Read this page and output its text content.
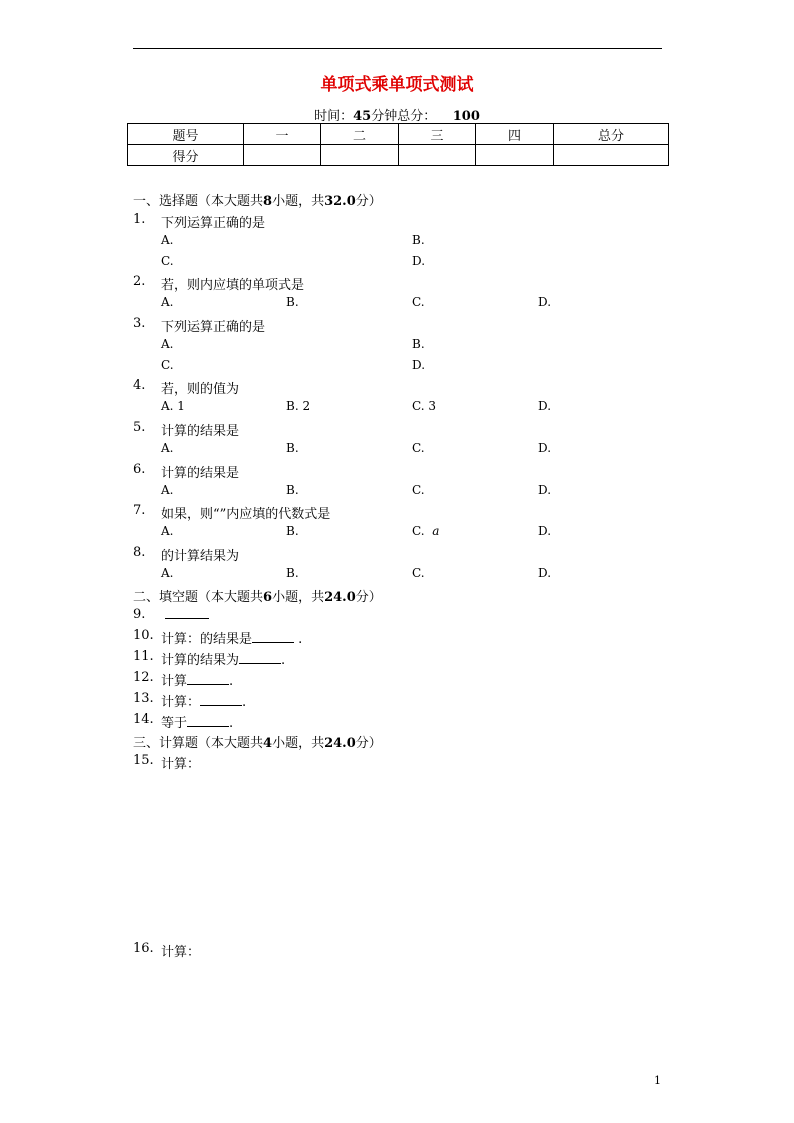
单项式乘单项式测试
时间：45分钟总分： 100
题号	一	二	三	四	总分
得分					
一、选择题（本大题共8小题，共32.0分）
1. 下列运算正确的是
A.	B.
C.	D.
2. 若，则内应填的单项式是
A.	B.	C.	D.
3. 下列运算正确的是
A.	B.
C.	D.
4. 若，则的值为
A. 1	B. 2	C. 3	D.
5. 计算的结果是
A.	B.	C.	D.
6. 计算的结果是
A.	B.	C.	D.
7. 如果，则“”内应填的代数式是
A.	B.	C. a	D.
8. 的计算结果为
A.	B.	C.	D.
二、填空题（本大题共6小题，共24.0分）
9.
10. 计算：的结果是	.
11. 计算的结果为	.
12. 计算	.
13. 计算：	.
14. 等于	.
三、计算题（本大题共4小题，共24.0分）
15. 计算：
16. 计算：
1
